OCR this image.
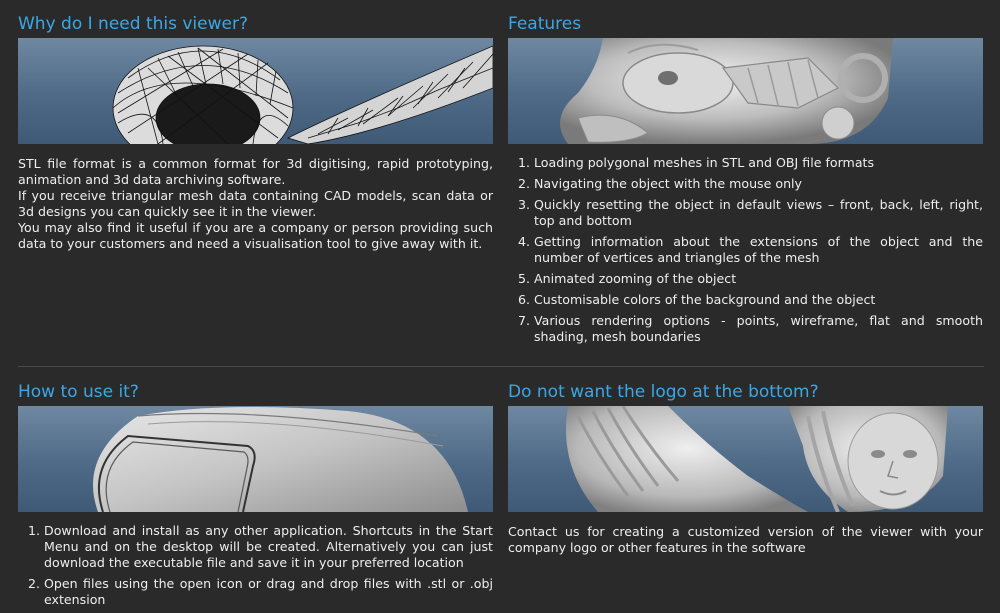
Why do I need this viewer?

STL file format is a common format for 3d digitising, rapid prototyping, animation and 3d data archiving software.

If you receive triangular mesh data containing CAD models, scan data or 3d designs you can quickly see it in the viewer.

You may also find it useful if you are a company or person providing such data to your customers and need a visualisation tool to give away with it.

Features
1. Loading polygonal meshes in STL and OBJ file formats
2. Navigating the object with the mouse only
3. Quickly resetting the object in default views – front, back, left, right, top and bottom
4. Getting information about the extensions of the object and the number of vertices and triangles of the mesh
5. Animated zooming of the object
6. Customisable colors of the background and the object
7. Various rendering options - points, wireframe, flat and smooth shading, mesh boundaries
How to use it?
1. Download and install as any other application. Shortcuts in the Start Menu and on the desktop will be created. Alternatively you can just download the executable file and save it in your preferred location
2. Open files using the open icon or drag and drop files with .stl or .obj extension
Do not want the logo at the bottom?

Contact us for creating a customized version of the viewer with your company logo or other features in the software
